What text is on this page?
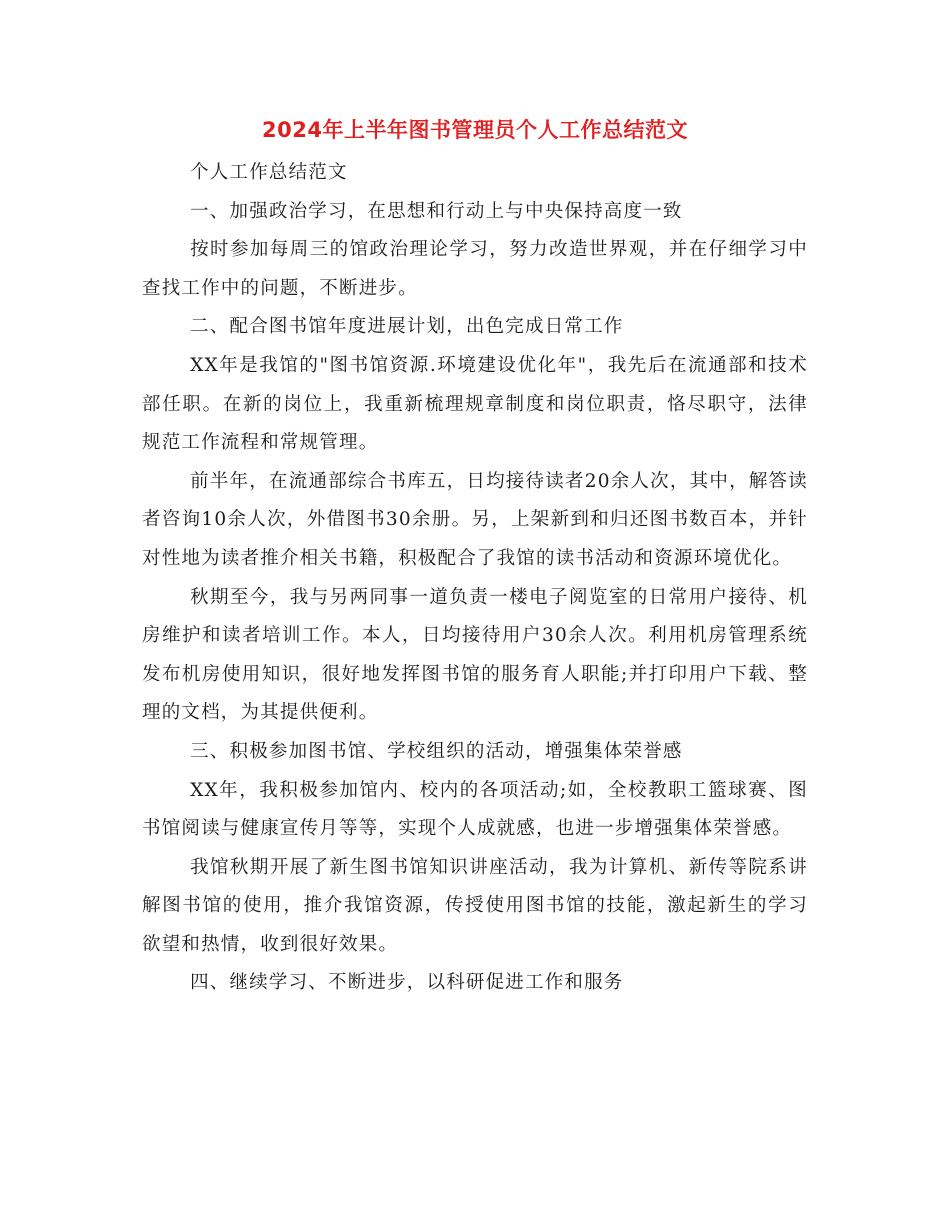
2024年上半年图书管理员个人工作总结范文

个人工作总结范文

一、加强政治学习，在思想和行动上与中央保持高度一致

按时参加每周三的馆政治理论学习，努力改造世界观，并在仔细学习中查找工作中的问题，不断进步。

二、配合图书馆年度进展计划，出色完成日常工作

XX年是我馆的"图书馆资源.环境建设优化年"，我先后在流通部和技术部任职。在新的岗位上，我重新梳理规章制度和岗位职责，恪尽职守，法律规范工作流程和常规管理。

前半年，在流通部综合书库五，日均接待读者20余人次，其中，解答读者咨询10余人次，外借图书30余册。另，上架新到和归还图书数百本，并针对性地为读者推介相关书籍，积极配合了我馆的读书活动和资源环境优化。

秋期至今，我与另两同事一道负责一楼电子阅览室的日常用户接待、机房维护和读者培训工作。本人，日均接待用户30余人次。利用机房管理系统发布机房使用知识，很好地发挥图书馆的服务育人职能;并打印用户下载、整理的文档，为其提供便利。

三、积极参加图书馆、学校组织的活动，增强集体荣誉感

XX年，我积极参加馆内、校内的各项活动;如，全校教职工篮球赛、图书馆阅读与健康宣传月等等，实现个人成就感，也进一步增强集体荣誉感。

我馆秋期开展了新生图书馆知识讲座活动，我为计算机、新传等院系讲解图书馆的使用，推介我馆资源，传授使用图书馆的技能，激起新生的学习欲望和热情，收到很好效果。

四、继续学习、不断进步，以科研促进工作和服务
